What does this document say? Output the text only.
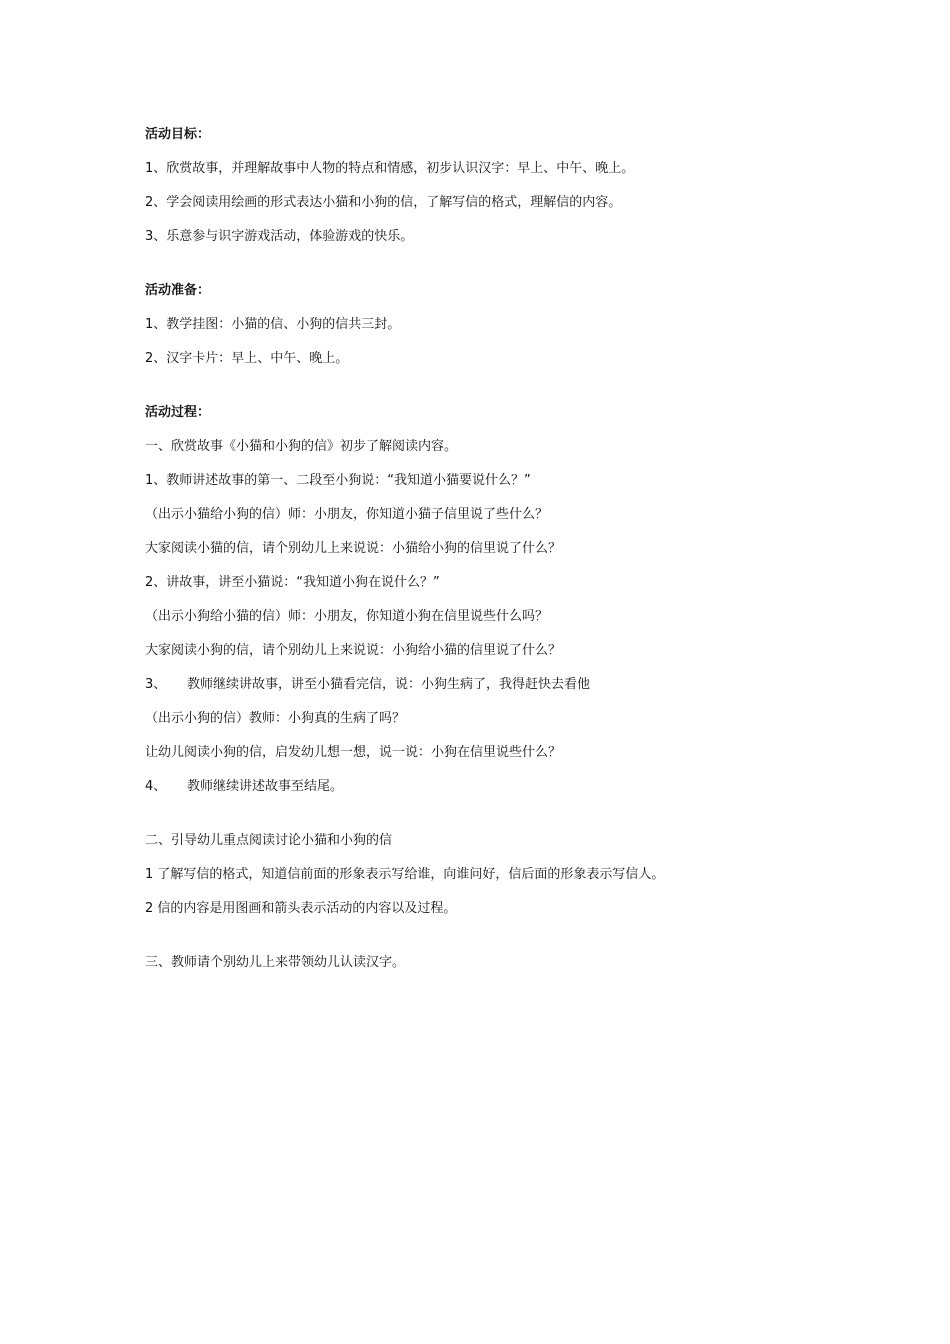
活动目标：
1、欣赏故事，并理解故事中人物的特点和情感，初步认识汉字：早上、中午、晚上。
2、学会阅读用绘画的形式表达小猫和小狗的信，了解写信的格式，理解信的内容。
3、乐意参与识字游戏活动，体验游戏的快乐。
活动准备：
1、教学挂图：小猫的信、小狗的信共三封。
2、汉字卡片：早上、中午、晚上。
活动过程：
一、欣赏故事《小猫和小狗的信》初步了解阅读内容。
1、教师讲述故事的第一、二段至小狗说：“我知道小猫要说什么？”
（出示小猫给小狗的信）师：小朋友，你知道小猫子信里说了些什么？
大家阅读小猫的信，请个别幼儿上来说说：小猫给小狗的信里说了什么？
2、讲故事，讲至小猫说：“我知道小狗在说什么？”
（出示小狗给小猫的信）师：小朋友，你知道小狗在信里说些什么吗？
大家阅读小狗的信，请个别幼儿上来说说：小狗给小猫的信里说了什么？
3、 教师继续讲故事，讲至小猫看完信，说：小狗生病了，我得赶快去看他
（出示小狗的信）教师：小狗真的生病了吗？
让幼儿阅读小狗的信，启发幼儿想一想，说一说：小狗在信里说些什么？
4、 教师继续讲述故事至结尾。
二、引导幼儿重点阅读讨论小猫和小狗的信
1 了解写信的格式，知道信前面的形象表示写给谁，向谁问好，信后面的形象表示写信人。
2 信的内容是用图画和箭头表示活动的内容以及过程。
三、教师请个别幼儿上来带领幼儿认读汉字。
